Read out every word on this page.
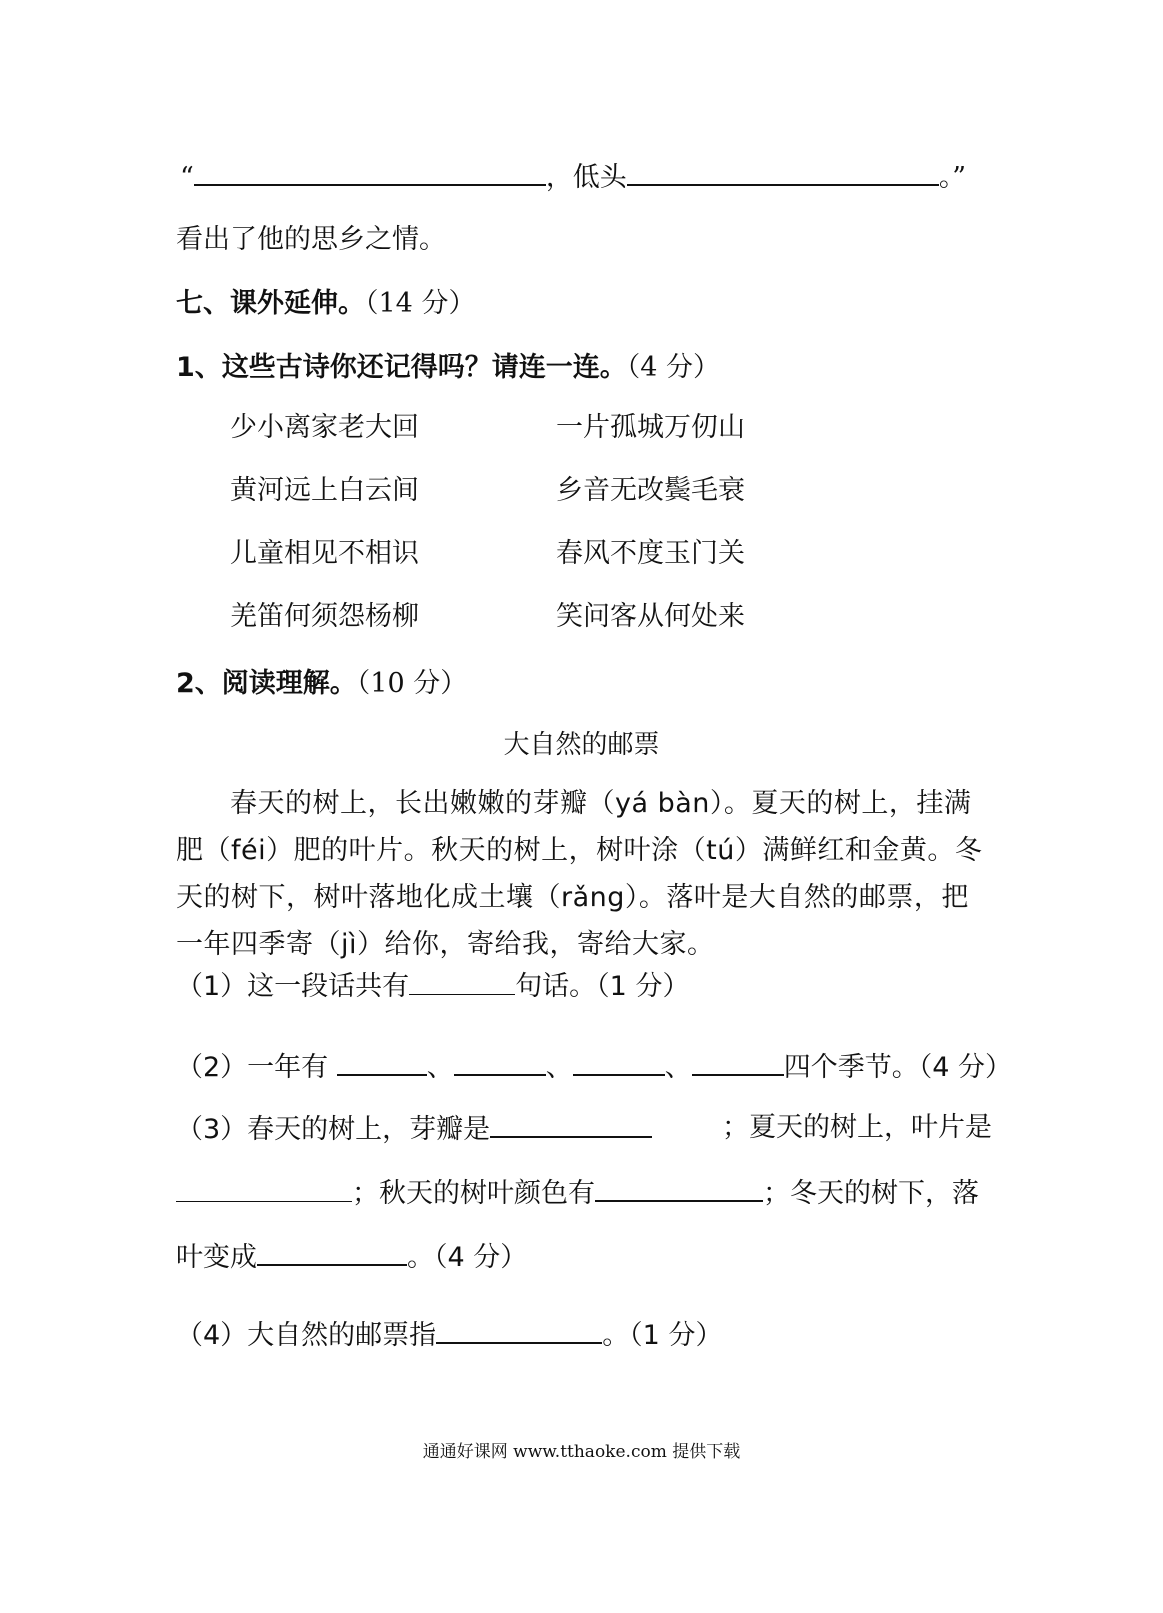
“	，低头	。”
看出了他的思乡之情。
七、课外延伸。（14 分）
1、这些古诗你还记得吗？请连一连。（4 分）
少小离家老大回	一片孤城万仞山
黄河远上白云间	乡音无改鬓毛衰
儿童相见不相识	春风不度玉门关
羌笛何须怨杨柳	笑问客从何处来
2、阅读理解。（10 分）
大自然的邮票
春天的树上，长出嫩嫩的芽瓣（yá bàn）。夏天的树上，挂满肥（féi）肥的叶片。秋天的树上，树叶涂（tú）满鲜红和金黄。冬天的树下，树叶落地化成土壤（rǎng）。落叶是大自然的邮票，把一年四季寄（jì）给你，寄给我，寄给大家。
（1）这一段话共有	句话。（1 分）
（2）一年有	、	、	、	四个季节。（4 分）
（3）春天的树上，芽瓣是	；夏天的树上，叶片是
；秋天的树叶颜色有	；冬天的树下，落
叶变成	。（4 分）
（4）大自然的邮票指	。（1 分）
通通好课网 www.tthaoke.com 提供下载
